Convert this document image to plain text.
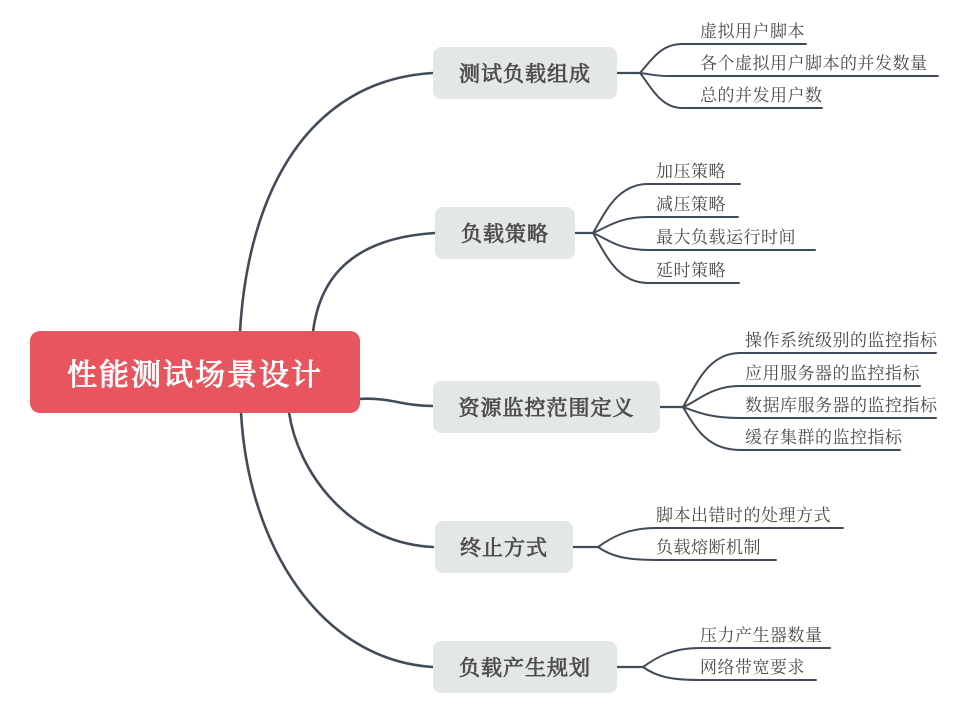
性能测试场景设计
测试负载组成
负载策略
资源监控范围定义
终止方式
负载产生规划
虚拟用户脚本
各个虚拟用户脚本的并发数量
总的并发用户数
加压策略
减压策略
最大负载运行时间
延时策略
操作系统级别的监控指标
应用服务器的监控指标
数据库服务器的监控指标
缓存集群的监控指标
脚本出错时的处理方式
负载熔断机制
压力产生器数量
网络带宽要求
